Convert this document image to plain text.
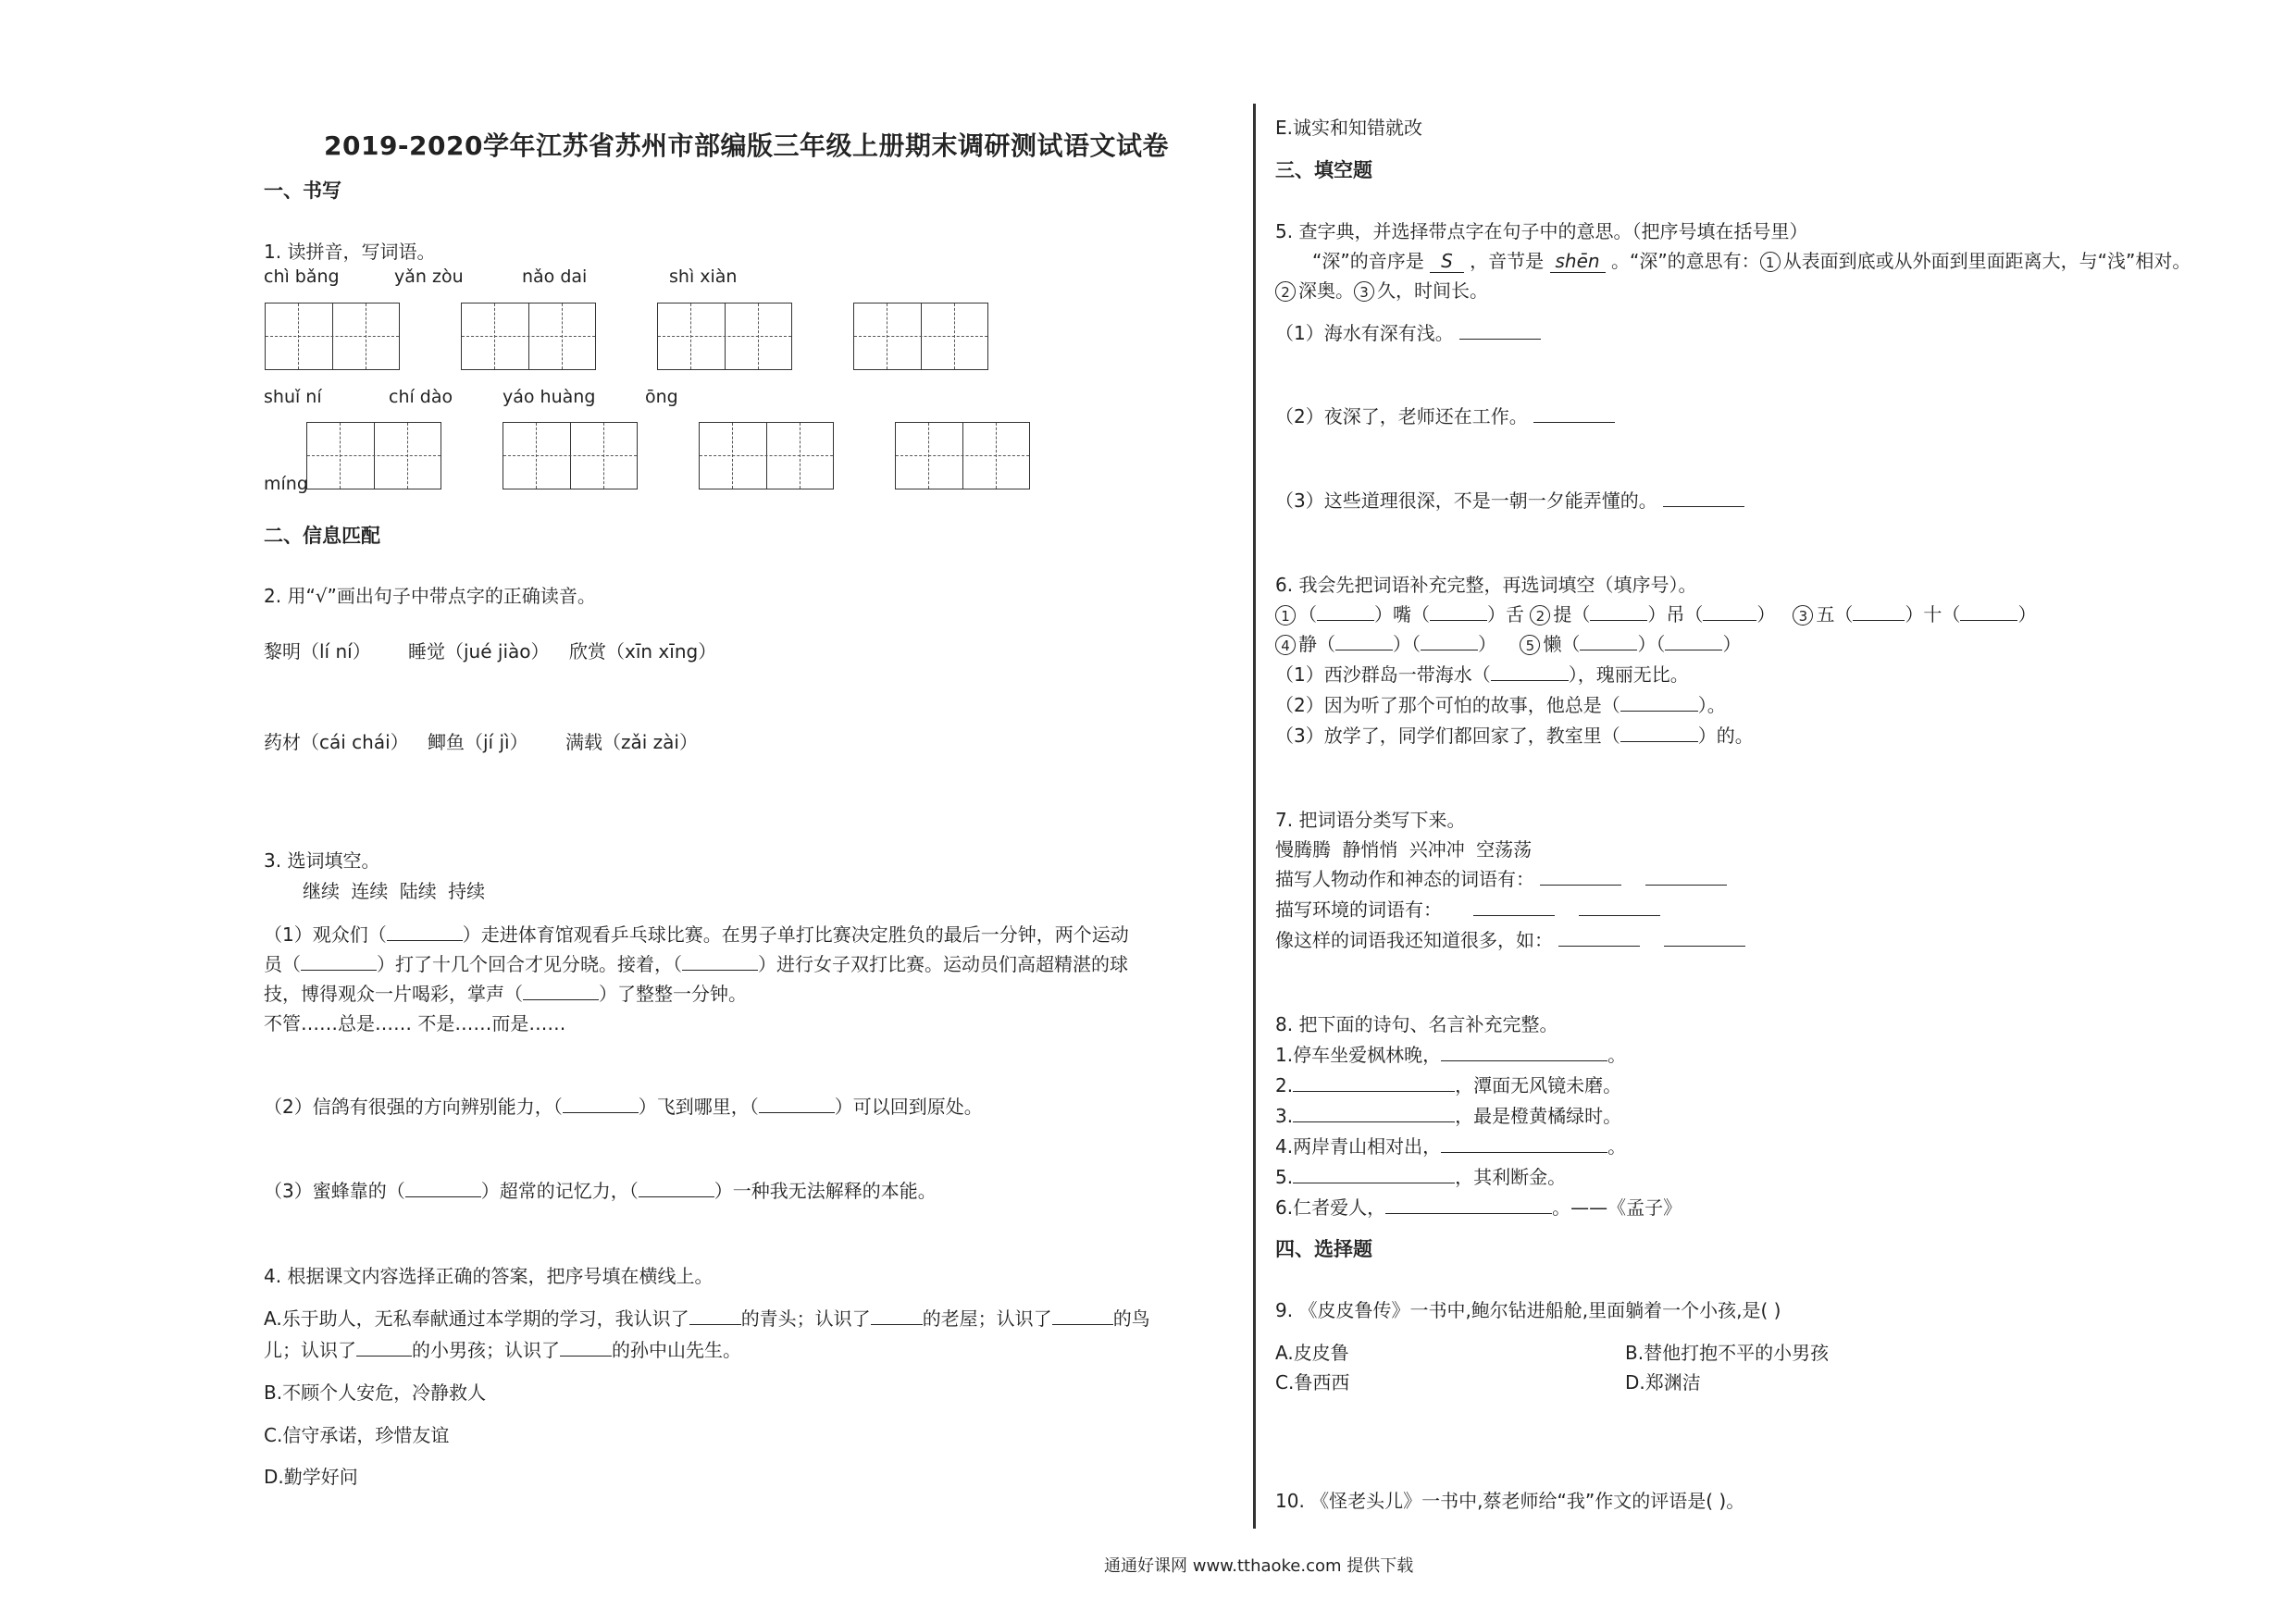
2019-2020学年江苏省苏州市部编版三年级上册期末调研测试语文试卷
一、书写
1. 读拼音，写词语。
chì bǎng	yǎn zòu	nǎo dai	shì xiàn
shuǐ ní	chí dào	yáo huàng	ōng
míng
二、信息匹配
2. 用“√”画出句子中带点字的正确读音。
黎明（lí ní） 睡觉（jué jiào） 欣赏（xīn xīng）
药材（cái chái） 鲫鱼（jí jì） 满载（zǎi zài）
3. 选词填空。
继续 连续 陆续 持续
（1）观众们（	）走进体育馆观看乒乓球比赛。在男子单打比赛决定胜负的最后一分钟，两个运动
员（	）打了十几个回合才见分晓。接着，（	）进行女子双打比赛。运动员们高超精湛的球
技，博得观众一片喝彩，掌声（	）了整整一分钟。
不管……总是…… 不是……而是……
（2）信鸽有很强的方向辨别能力，（	）飞到哪里，（	）可以回到原处。
（3）蜜蜂靠的（	）超常的记忆力，（	）一种我无法解释的本能。
4. 根据课文内容选择正确的答案，把序号填在横线上。
A.乐于助人，无私奉献通过本学期的学习，我认识了	的青头；认识了	的老屋；认识了	的鸟
儿；认识了	的小男孩；认识了	的孙中山先生。
B.不顾个人安危，冷静救人
C.信守承诺，珍惜友谊
D.勤学好问
E.诚实和知错就改
三、填空题
5. 查字典，并选择带点字在句子中的意思。（把序号填在括号里）
“深”的音序是 S ，音节是 shēn 。“深”的意思有： 1 从表面到底或从外面到里面距离大，与“浅”相对。
2 深奥。 3 久，时间长。
（1）海水有深有浅。
（2）夜深了，老师还在工作。
（3）这些道理很深，不是一朝一夕能弄懂的。
6. 我会先把词语补充完整，再选词填空（填序号）。
1 （	）嘴（	）舌 2 提（	）吊（	） 3 五（	）十（	）
4 静（	）（	） 5 懒（	）（	）
（1）西沙群岛一带海水（	），瑰丽无比。
（2）因为听了那个可怕的故事，他总是（	）。
（3）放学了，同学们都回家了，教室里（	）的。
7. 把词语分类写下来。
慢腾腾 静悄悄 兴冲冲 空荡荡
描写人物动作和神态的词语有：
描写环境的词语有：
像这样的词语我还知道很多，如：
8. 把下面的诗句、名言补充完整。
1.停车坐爱枫林晚，	。
2.	，潭面无风镜未磨。
3.	，最是橙黄橘绿时。
4.两岸青山相对出，	。
5.	，其利断金。
6.仁者爱人，	。——《孟子》
四、选择题
9. 《皮皮鲁传》一书中,鲍尔钻进船舱,里面躺着一个小孩,是( )
A.皮皮鲁	B.替他打抱不平的小男孩
C.鲁西西	D.郑渊洁
10. 《怪老头儿》一书中,蔡老师给“我”作文的评语是( )。
通通好课网 www.tthaoke.com 提供下载
